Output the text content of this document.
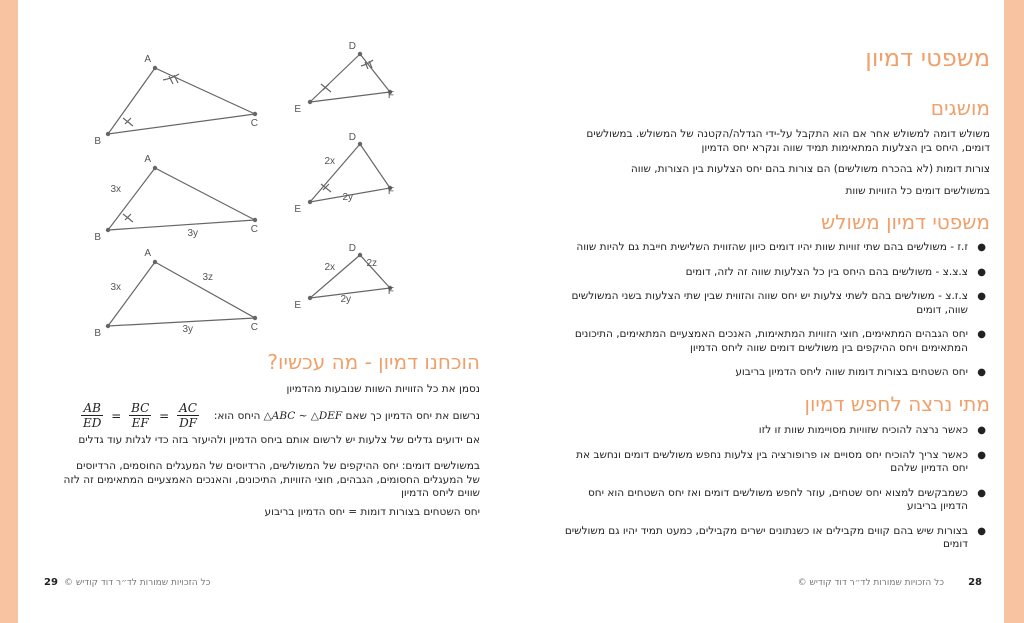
משפטי דמיון
מושגים
משולש דומה למשולש אחר אם הוא התקבל על-ידי הגדלה/הקטנה של המשולש. במשולשים דומים, היחס בין הצלעות המתאימות תמיד שווה ונקרא יחס הדמיון
צורות דומות (לא בהכרח משולשים) הם צורות בהם יחס הצלעות בין הצורות, שווה
במשולשים דומים כל הזוויות שוות
משפטי דמיון משולש
●
ז.ז - משולשים בהם שתי זוויות שוות יהיו דומים כיוון שהזווית השלישית חייבת גם להיות שווה
●
צ.צ.צ - משולשים בהם היחס בין כל הצלעות שווה זה לזה, דומים
●
צ.ז.צ - משולשים בהם לשתי צלעות יש יחס שווה והזווית שבין שתי הצלעות בשני המשולשים שווה, דומים
●
יחס הגבהים המתאימים, חוצי הזוויות המתאימות, האנכים האמצעיים המתאימים, התיכונים המתאימים ויחס ההיקפים בין משולשים דומים שווה ליחס הדמיון
●
יחס השטחים בצורות דומות שווה ליחס הדמיון בריבוע
מתי נרצה לחפש דמיון
●
כאשר נרצה להוכיח שזוויות מסויימות שוות זו לזו
●
כאשר צריך להוכיח יחס מסויים או פרופורציה בין צלעות נחפש משולשים דומים ונחשב את יחס הדמיון שלהם
●
כשמבקשים למצוא יחס שטחים, עוזר לחפש משולשים דומים ואז יחס השטחים הוא יחס הדמיון בריבוע
●
בצורות שיש בהם קווים מקבילים או כשנתונים ישרים מקבילים, כמעט תמיד יהיו גם משולשים דומים
28
כל הזכויות שמורות לד״ר דוד קודיש ©
A
B
C
A
B
C
A
B
C
D
E
F
D
E
F
D
E
F
3x
3y
3x
3z
3y
2x
2y
2x	2z
2y
הוכחנו דמיון - מה עכשיו?
נסמן את כל הזוויות השוות שנובעות מהדמיון
נרשום את יחס הדמיון כך שאם △ABC ∼ △DEF היחס הוא:
$\frac{AB}{ED} = \frac{BC}{EF} = \frac{AC}{DF}$
אם ידועים גדלים של צלעות יש לרשום אותם ביחס הדמיון ולהיעזר בזה כדי לגלות עוד גדלים
במשולשים דומים: יחס ההיקפים של המשולשים, הרדיוסים של המעגלים החוסמים, הרדיוסים של המעגלים החסומים, הגבהים, חוצי הזוויות, התיכונים, והאנכים האמצעיים המתאימים זה לזה שווים ליחס הדמיון
יחס השטחים בצורות דומות = יחס הדמיון בריבוע
כל הזכויות שמורות לד״ר דוד קודיש ©
29
